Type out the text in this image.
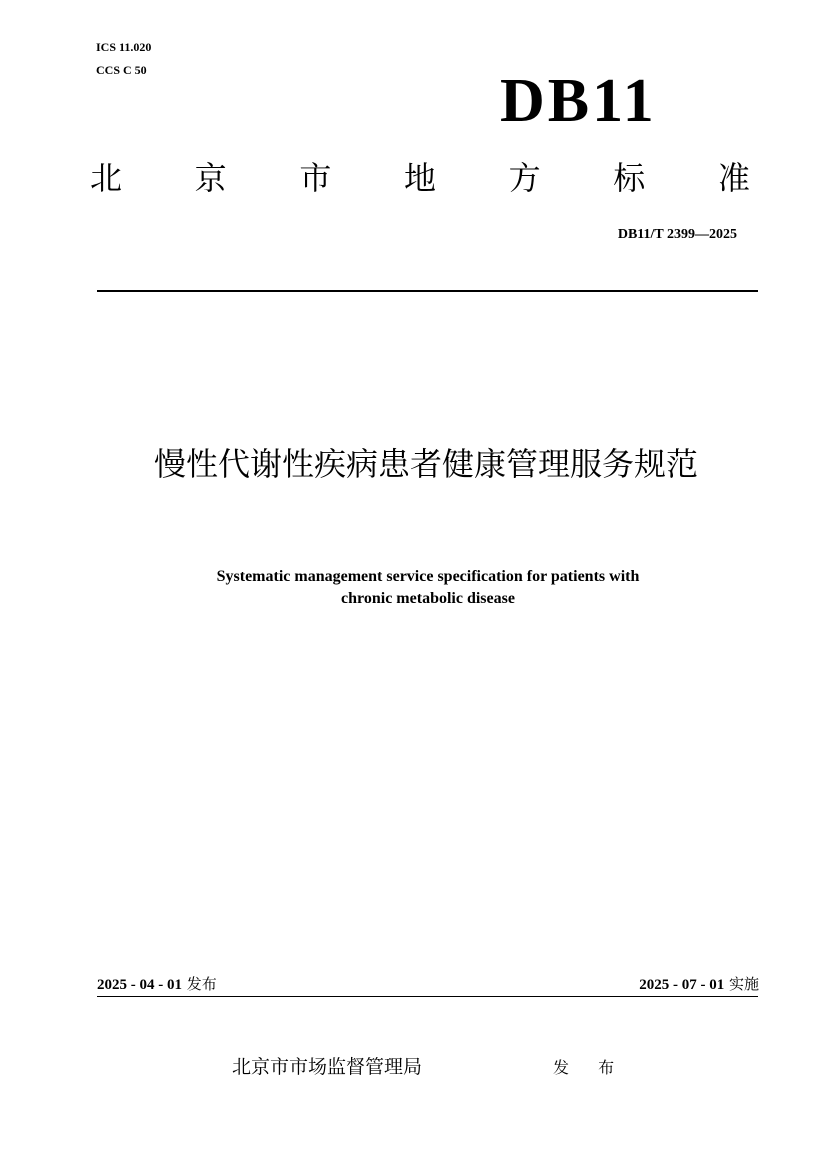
ICS 11.020
CCS C 50	DB11
北 京 市 地 方 标 准
DB11/T 2399—2025
慢性代谢性疾病患者健康管理服务规范
Systematic management service specification for patients with
chronic metabolic disease
2025 - 04 - 01 发布	2025 - 07 - 01 实施
北京市市场监督管理局	发 布
